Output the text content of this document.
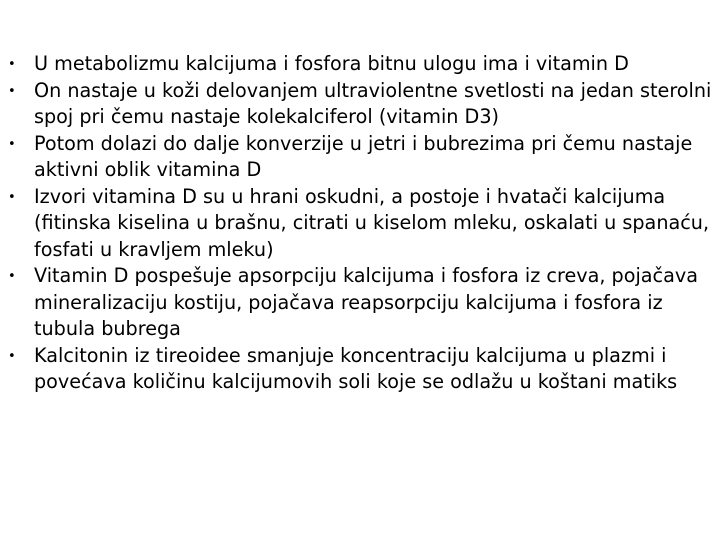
• U metabolizmu kalcijuma i fosfora bitnu ulogu ima i vitamin D
• On nastaje u koži delovanjem ultraviolentne svetlosti na jedan sterolni spoj pri čemu nastaje kolekalciferol (vitamin D3)
• Potom dolazi do dalje konverzije u jetri i bubrezima pri čemu nastaje aktivni oblik vitamina D
• Izvori vitamina D su u hrani oskudni, a postoje i hvatači kalcijuma (fitinska kiselina u brašnu, citrati u kiselom mleku, oskalati u spanaću, fosfati u kravljem mleku)
• Vitamin D pospešuje apsorpciju kalcijuma i fosfora iz creva, pojačava mineralizaciju kostiju, pojačava reapsorpciju kalcijuma i fosfora iz tubula bubrega
• Kalcitonin iz tireoidee smanjuje koncentraciju kalcijuma u plazmi i povećava količinu kalcijumovih soli koje se odlažu u koštani matiks
